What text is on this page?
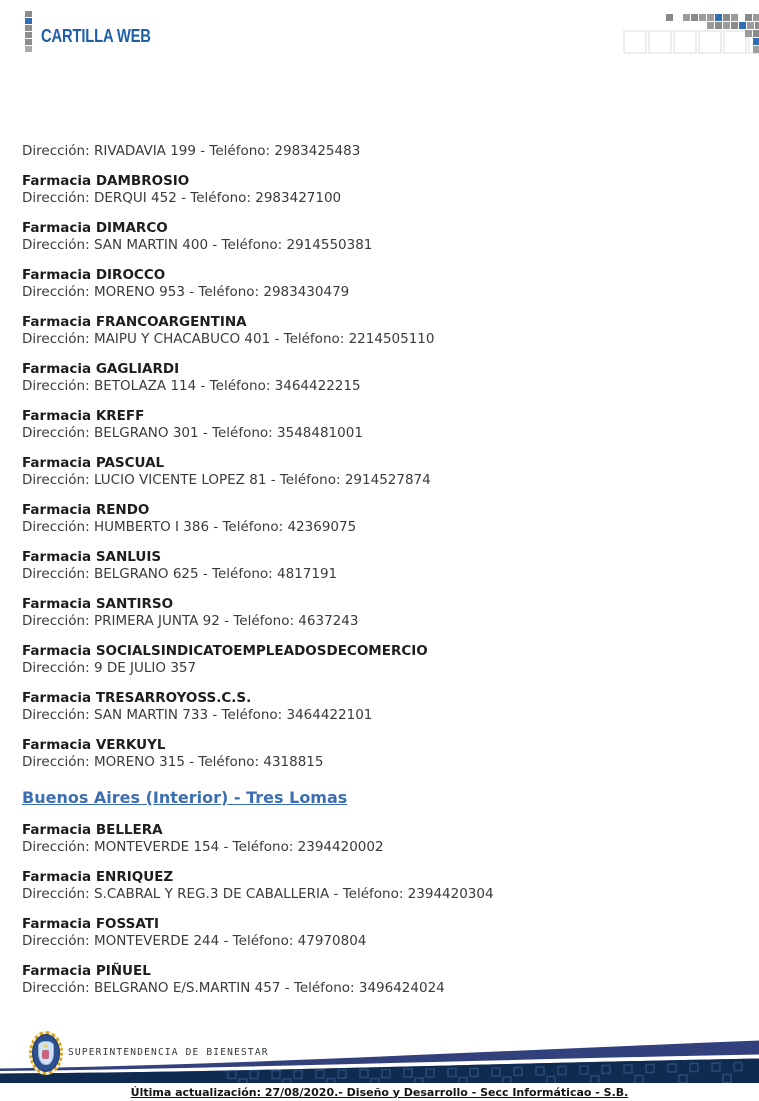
CARTILLA WEB
Dirección: RIVADAVIA 199 - Teléfono: 2983425483
Farmacia DAMBROSIO
Dirección: DERQUI 452 - Teléfono: 2983427100
Farmacia DIMARCO
Dirección: SAN MARTIN 400 - Teléfono: 2914550381
Farmacia DIROCCO
Dirección: MORENO 953 - Teléfono: 2983430479
Farmacia FRANCOARGENTINA
Dirección: MAIPU Y CHACABUCO 401 - Teléfono: 2214505110
Farmacia GAGLIARDI
Dirección: BETOLAZA 114 - Teléfono: 3464422215
Farmacia KREFF
Dirección: BELGRANO 301 - Teléfono: 3548481001
Farmacia PASCUAL
Dirección: LUCIO VICENTE LOPEZ 81 - Teléfono: 2914527874
Farmacia RENDO
Dirección: HUMBERTO I 386 - Teléfono: 42369075
Farmacia SANLUIS
Dirección: BELGRANO 625 - Teléfono: 4817191
Farmacia SANTIRSO
Dirección: PRIMERA JUNTA 92 - Teléfono: 4637243
Farmacia SOCIALSINDICATOEMPLEADOSDECOMERCIO
Dirección: 9 DE JULIO 357
Farmacia TRESARROYOSS.C.S.
Dirección: SAN MARTIN 733 - Teléfono: 3464422101
Farmacia VERKUYL
Dirección: MORENO 315 - Teléfono: 4318815
Buenos Aires (Interior) - Tres Lomas
Farmacia BELLERA
Dirección: MONTEVERDE 154 - Teléfono: 2394420002
Farmacia ENRIQUEZ
Dirección: S.CABRAL Y REG.3 DE CABALLERIA - Teléfono: 2394420304
Farmacia FOSSATI
Dirección: MONTEVERDE 244 - Teléfono: 47970804
Farmacia PIÑUEL
Dirección: BELGRANO E/S.MARTIN 457 - Teléfono: 3496424024
SUPERINTENDENCIA DE BIENESTAR
Última actualización: 27/08/2020.- Diseño y Desarrollo - Secc Informáticao - S.B.
